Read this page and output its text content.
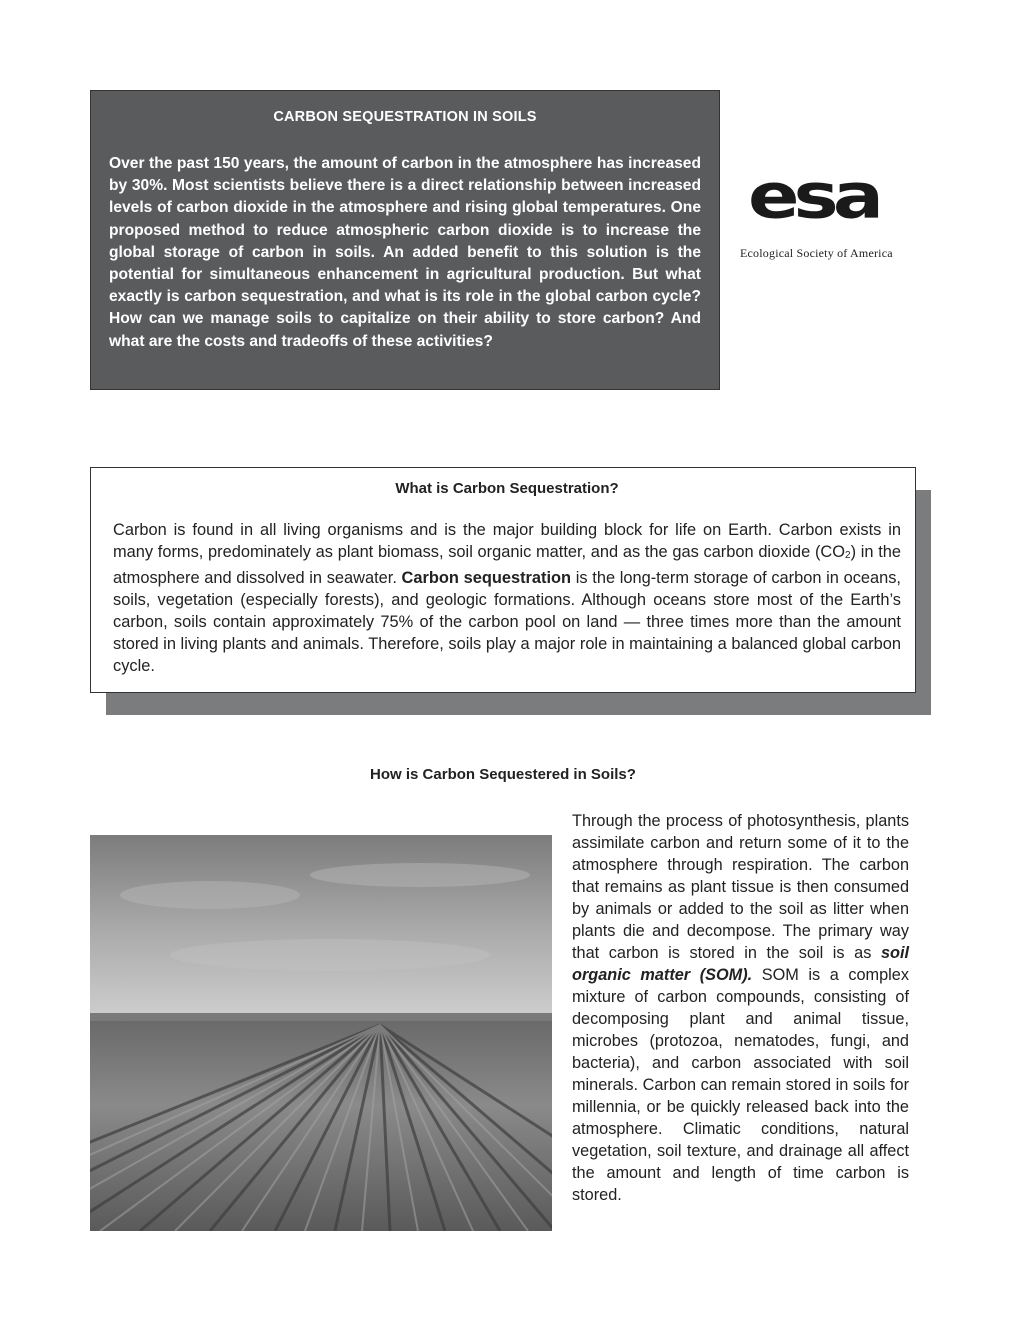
CARBON SEQUESTRATION IN SOILS

Over the past 150 years, the amount of carbon in the atmosphere has increased by 30%. Most scientists believe there is a direct relationship between increased levels of carbon dioxide in the atmosphere and rising global temperatures. One proposed method to reduce atmospheric carbon dioxide is to increase the global storage of carbon in soils. An added benefit to this solution is the potential for simultaneous enhancement in agricultural production. But what exactly is carbon sequestration, and what is its role in the global carbon cycle? How can we manage soils to capitalize on their ability to store carbon? And what are the costs and tradeoffs of these activities?

esa
Ecological Society of America
What is Carbon Sequestration?

Carbon is found in all living organisms and is the major building block for life on Earth. Carbon exists in many forms, predominately as plant biomass, soil organic matter, and as the gas carbon dioxide $(CO_2)$ in the atmosphere and dissolved in seawater. Carbon sequestration is the long-term storage of carbon in oceans, soils, vegetation (especially forests), and geologic formations. Although oceans store most of the Earth’s carbon, soils contain approximately 75% of the carbon pool on land — three times more than the amount stored in living plants and animals. Therefore, soils play a major role in maintaining a balanced global carbon cycle.

How is Carbon Sequestered in Soils?

Through the process of photosynthesis, plants assimilate carbon and return some of it to the atmosphere through respiration. The carbon that remains as plant tissue is then consumed by animals or added to the soil as litter when plants die and decompose. The primary way that carbon is stored in the soil is as soil organic matter (SOM). SOM is a complex mixture of carbon compounds, consisting of decomposing plant and animal tissue, microbes (protozoa, nematodes, fungi, and bacteria), and carbon associated with soil minerals. Carbon can remain stored in soils for millennia, or be quickly released back into the atmosphere. Climatic conditions, natural vegetation, soil texture, and drainage all affect the amount and length of time carbon is stored.
